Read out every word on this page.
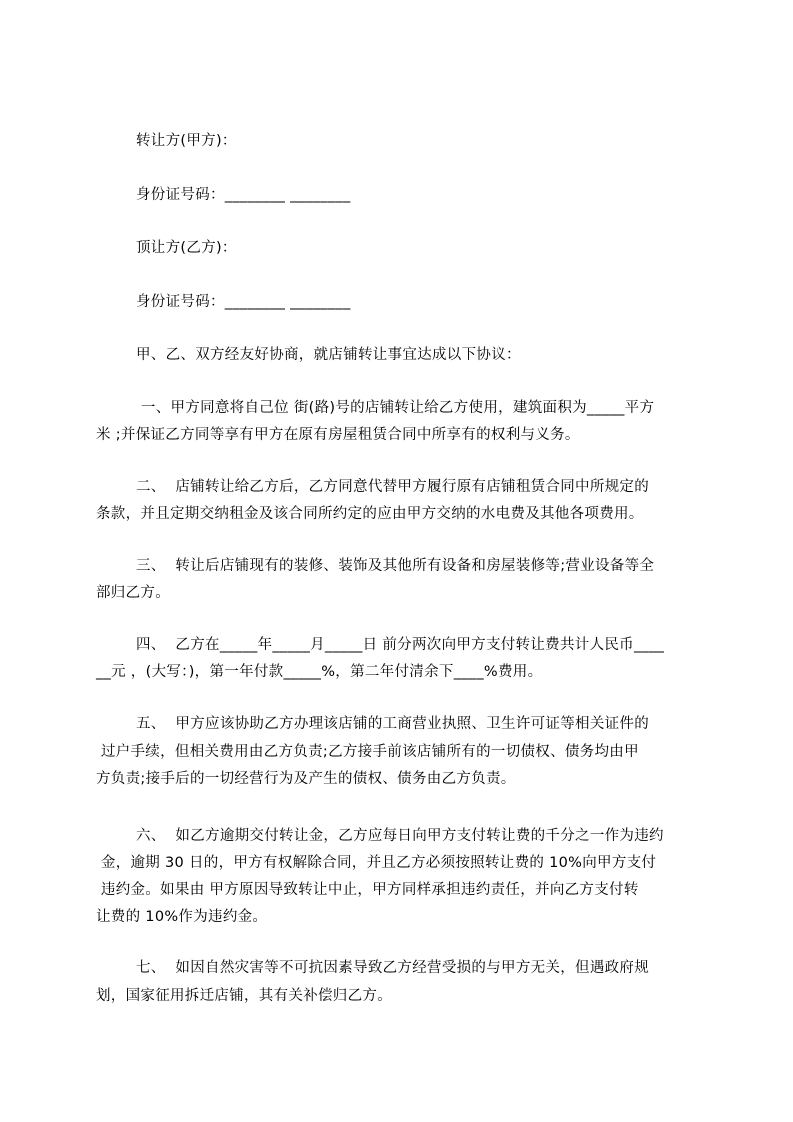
转让方(甲方)：
身份证号码：________ ________
顶让方(乙方)：
身份证号码：________ ________
甲、乙、双方经友好协商，就店铺转让事宜达成以下协议：
一、甲方同意将自己位 街(路)号的店铺转让给乙方使用，建筑面积为_____平方
米 ;并保证乙方同等享有甲方在原有房屋租赁合同中所享有的权利与义务。
二、  店铺转让给乙方后，乙方同意代替甲方履行原有店铺租赁合同中所规定的
条款，并且定期交纳租金及该合同所约定的应由甲方交纳的水电费及其他各项费用。
三、  转让后店铺现有的装修、装饰及其他所有设备和房屋装修等;营业设备等全
部归乙方。
四、  乙方在_____年_____月_____日 前分两次向甲方支付转让费共计人民币____
__元 ，(大写：)，第一年付款_____%，第二年付清余下____%费用。
五、  甲方应该协助乙方办理该店铺的工商营业执照、卫生许可证等相关证件的
过户手续，但相关费用由乙方负责;乙方接手前该店铺所有的一切债权、债务均由甲
方负责;接手后的一切经营行为及产生的债权、债务由乙方负责。
六、  如乙方逾期交付转让金，乙方应每日向甲方支付转让费的千分之一作为违约
金，逾期 30 日的，甲方有权解除合同，并且乙方必须按照转让费的 10%向甲方支付
违约金。如果由 甲方原因导致转让中止，甲方同样承担违约责任，并向乙方支付转
让费的 10%作为违约金。
七、  如因自然灾害等不可抗因素导致乙方经营受损的与甲方无关，但遇政府规
划，国家征用拆迁店铺，其有关补偿归乙方。
